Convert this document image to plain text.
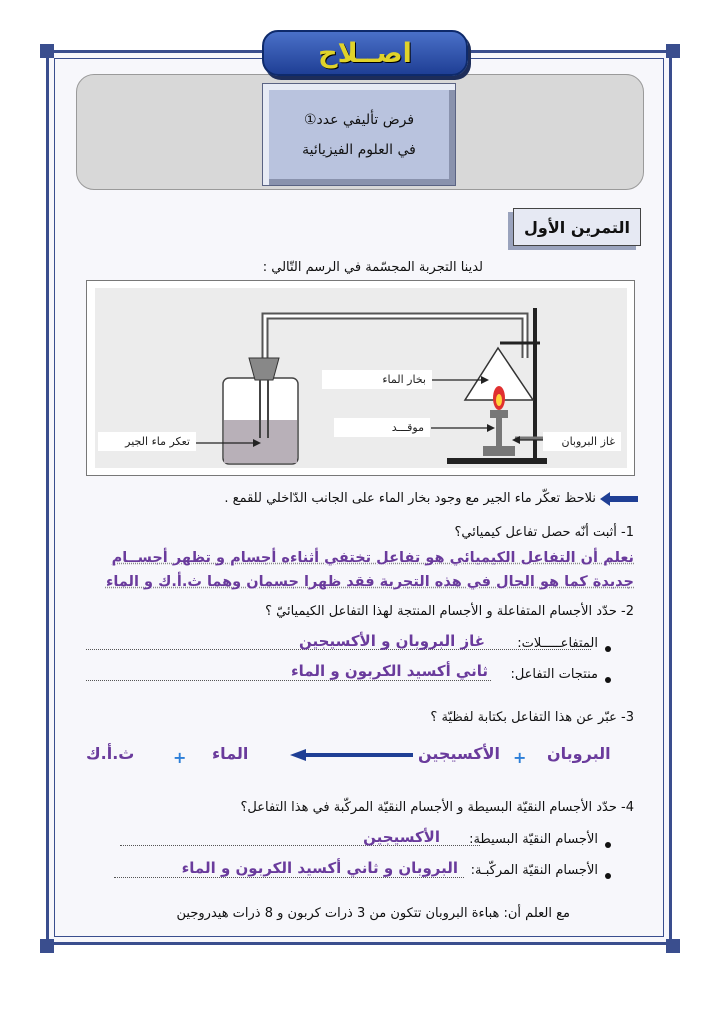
اصــلاح
فرض تأليفي عدد①
في العلوم الفيزيائية
التمرين الأول
لدينا التجربة المجسّمة في الرسم التّالي :
بخار الماء
موقـــد
غاز البروبان
تعكر ماء الجير
نلاحظ تعكّر ماء الجير مع وجود بخار الماء على الجانب الدّاخلي للقمع .
1- أثبت أنّه حصل تفاعل كيميائي؟
نعلم أن التفاعل الكيميائي هو تفاعل تختفي أثناءه أجسام و تظهر أجســام
جديدة كما هو الحال في هذه التجربة فقد ظهرا جسمان وهما ث.أ.ك و الماء
2- حدّد الأجسام المتفاعلة و الأجسام المنتجة لهذا التفاعل الكيميائيّ ؟
المتفاعـــــلات:
غاز البروبان و الأكسيجين
منتجات التفاعل:
ثاني أكسيد الكربون و الماء
3- عبّر عن هذا التفاعل بكتابة لفظيّة ؟
البروبان
+
الأكسيجين
الماء
+
ث.أ.ك
4- حدّد الأجسام النقيّة البسيطة و الأجسام النقيّة المركّبة في هذا التفاعل؟
الأجسام النقيّة البسيطة:
الأكسيجين
الأجسام النقيّة المركّبـة:
البروبان و ثاني أكسيد الكربون و الماء
مع العلم أن: هباءة البروبان تتكون من 3 ذرات كربون و 8 ذرات هيدروجين
